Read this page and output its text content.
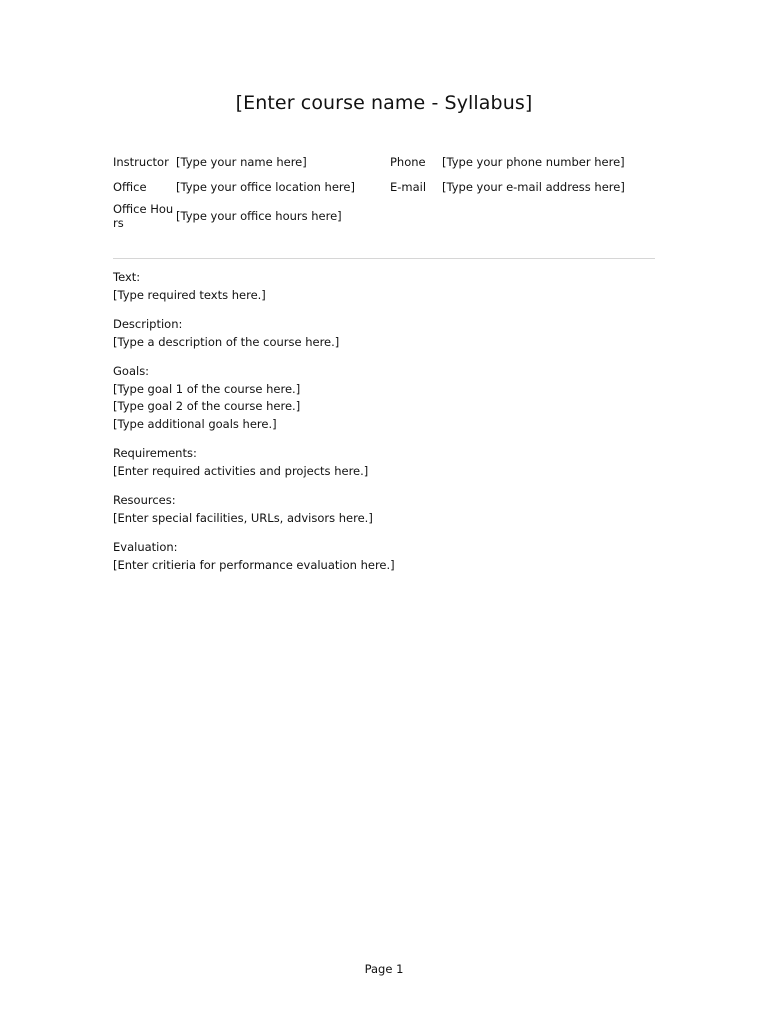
[Enter course name - Syllabus]
Instructor	[Type your name here]	Phone	[Type your phone number here]
Office	[Type your office location here]	E-mail	[Type your e-mail address here]
Office Hours	[Type your office hours here]		
Text:
[Type required texts here.]
Description:
[Type a description of the course here.]
Goals:
[Type goal 1 of the course here.]
[Type goal 2 of the course here.]
[Type additional goals here.]
Requirements:
[Enter required activities and projects here.]
Resources:
[Enter special facilities, URLs, advisors here.]
Evaluation:
[Enter critieria for performance evaluation here.]
Page 1
